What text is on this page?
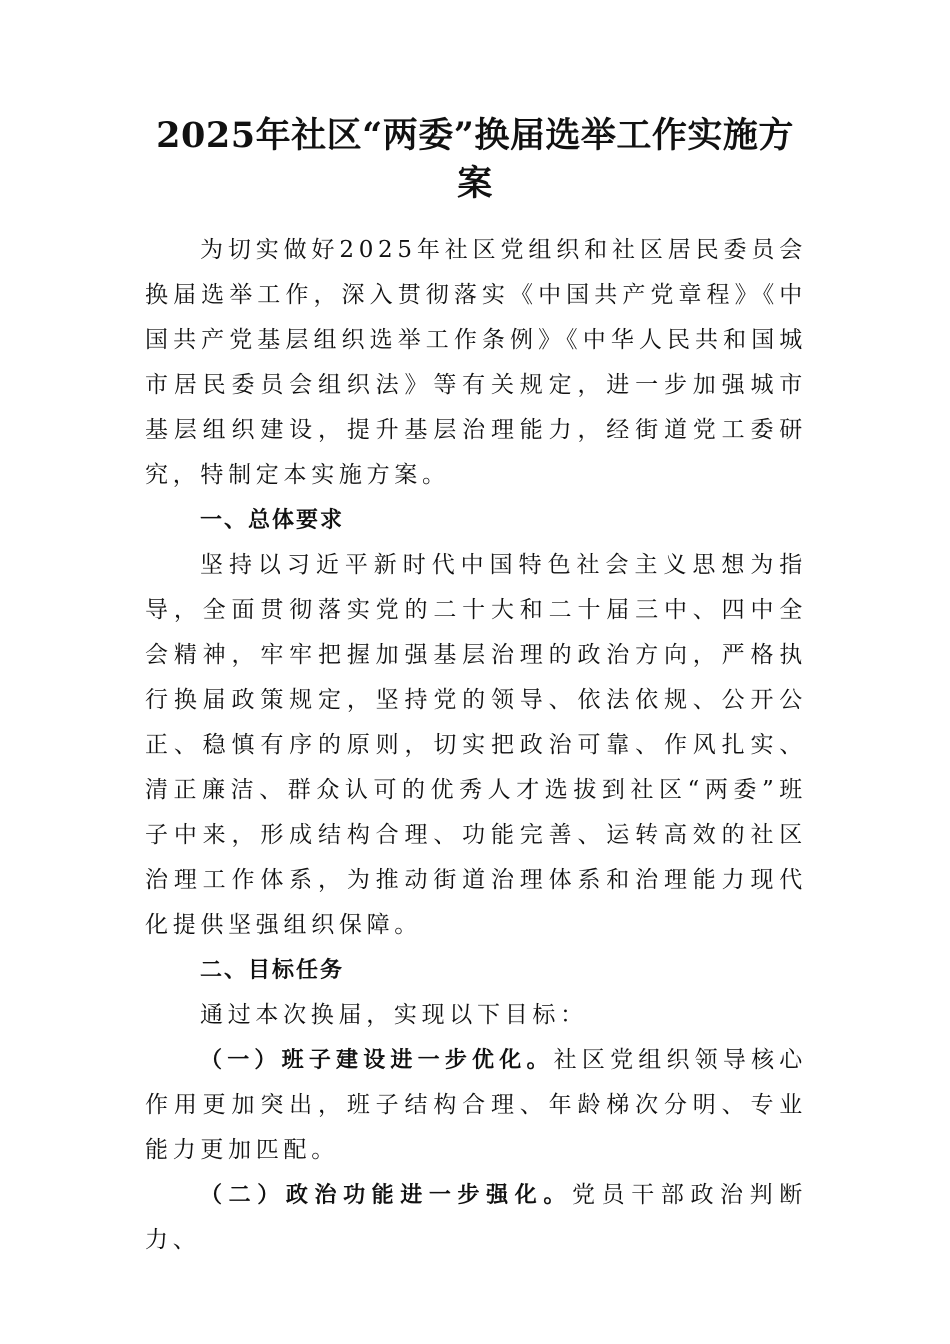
2025年社区“两委”换届选举工作实施方案

为切实做好2025年社区党组织和社区居民委员会换届选举工作，深入贯彻落实《中国共产党章程》《中国共产党基层组织选举工作条例》《中华人民共和国城市居民委员会组织法》等有关规定，进一步加强城市基层组织建设，提升基层治理能力，经街道党工委研究，特制定本实施方案。

一、总体要求

坚持以习近平新时代中国特色社会主义思想为指导，全面贯彻落实党的二十大和二十届三中、四中全会精神，牢牢把握加强基层治理的政治方向，严格执行换届政策规定，坚持党的领导、依法依规、公开公正、稳慎有序的原则，切实把政治可靠、作风扎实、清正廉洁、群众认可的优秀人才选拔到社区“两委”班子中来，形成结构合理、功能完善、运转高效的社区治理工作体系，为推动街道治理体系和治理能力现代化提供坚强组织保障。

二、目标任务

通过本次换届，实现以下目标：

（一）班子建设进一步优化。社区党组织领导核心作用更加突出，班子结构合理、年龄梯次分明、专业能力更加匹配。

（二）政治功能进一步强化。党员干部政治判断力、
